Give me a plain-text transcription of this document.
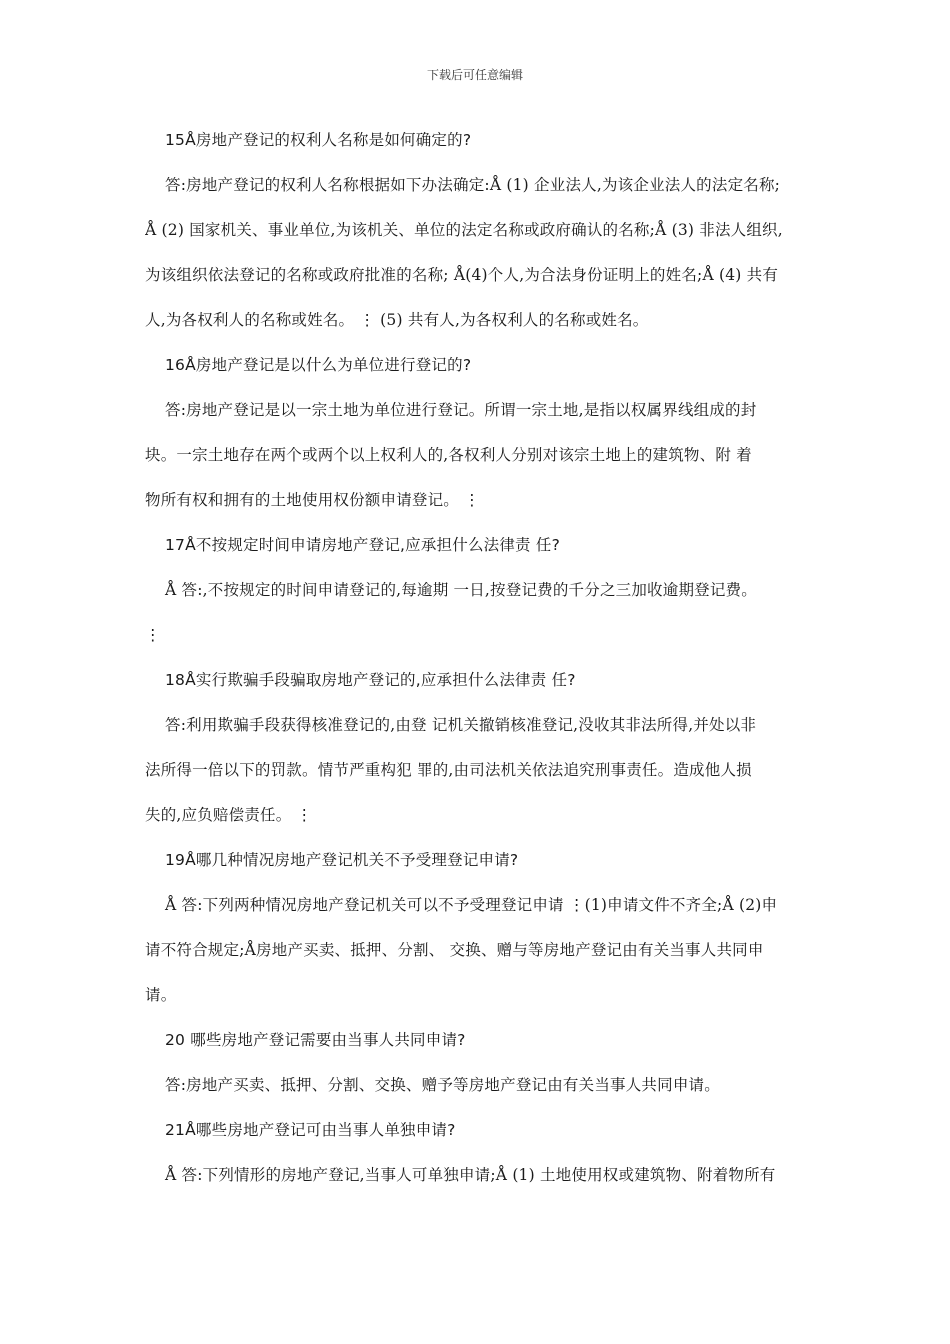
下载后可任意编辑
15Å房地产登记的权利人名称是如何确定的?
答:房地产登记的权利人名称根据如下办法确定:Å (1) 企业法人,为该企业法人的法定名称;
Å (2) 国家机关、事业单位,为该机关、单位的法定名称或政府确认的名称;Å (3) 非法人组织,
为该组织依法登记的名称或政府批准的名称; Å(4)个人,为合法身份证明上的姓名;Å (4) 共有
人,为各权利人的名称或姓名。 ⋮ (5) 共有人,为各权利人的名称或姓名。
16Å房地产登记是以什么为单位进行登记的?
答:房地产登记是以一宗土地为单位进行登记。所谓一宗土地,是指以权属界线组成的封
块。一宗土地存在两个或两个以上权利人的,各权利人分别对该宗土地上的建筑物、附 着
物所有权和拥有的土地使用权份额申请登记。 ⋮
17Å不按规定时间申请房地产登记,应承担什么法律责 任?
Å 答:,不按规定的时间申请登记的,每逾期 一日,按登记费的千分之三加收逾期登记费。
⋮
18Å实行欺骗手段骗取房地产登记的,应承担什么法律责 任?
答:利用欺骗手段获得核准登记的,由登 记机关撤销核准登记,没收其非法所得,并处以非
法所得一倍以下的罚款。情节严重构犯 罪的,由司法机关依法追究刑事责任。造成他人损
失的,应负赔偿责任。 ⋮
19Å哪几种情况房地产登记机关不予受理登记申请?
Å 答:下列两种情况房地产登记机关可以不予受理登记申请 ⋮(1)申请文件不齐全;Å (2)申
请不符合规定;Å房地产买卖、抵押、分割、 交换、赠与等房地产登记由有关当事人共同申
请。
20 哪些房地产登记需要由当事人共同申请?
答:房地产买卖、抵押、分割、交换、赠予等房地产登记由有关当事人共同申请。
21Å哪些房地产登记可由当事人单独申请?
Å 答:下列情形的房地产登记,当事人可单独申请;Å (1) 土地使用权或建筑物、附着物所有
